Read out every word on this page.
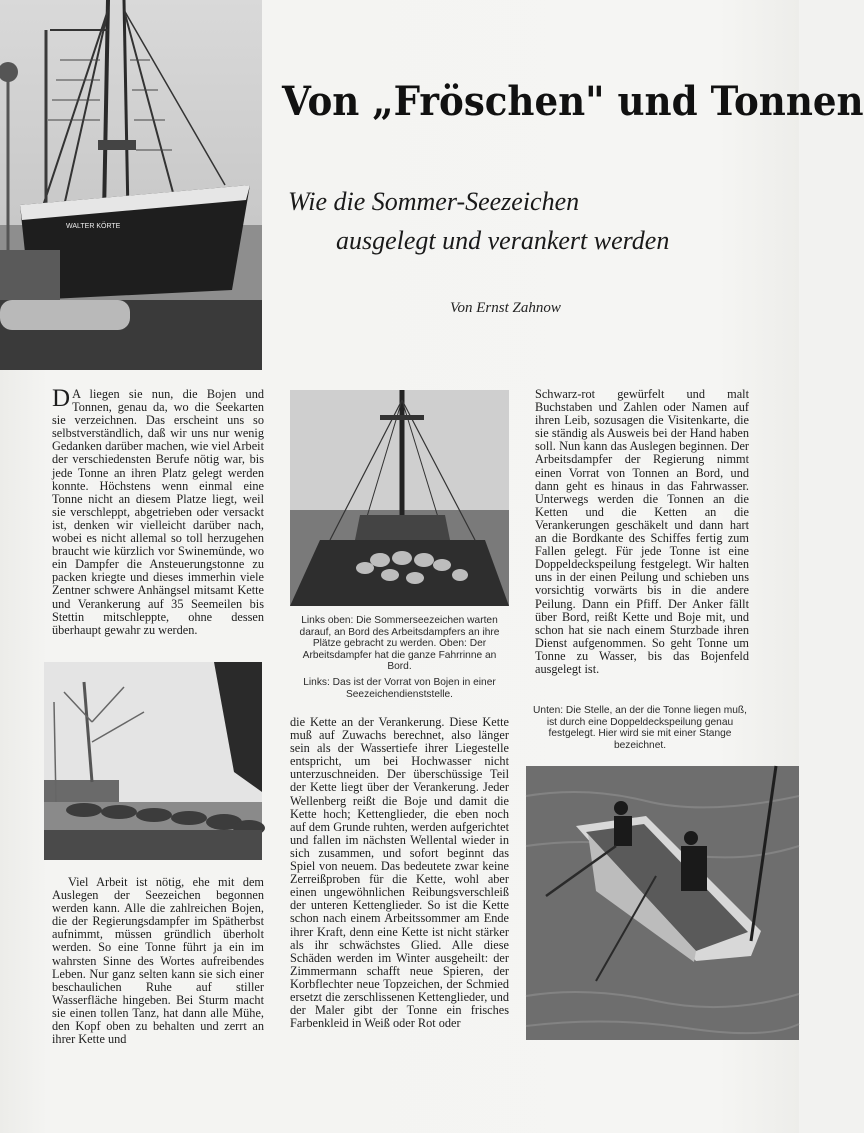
WALTER KÖRTE
Von „Fröschen" und Tonnen
Wie die Sommer-Seezeichen
ausgelegt und verankert werden
Von Ernst Zahnow

D A liegen sie nun, die Bojen und Tonnen, genau da, wo die Seekarten sie verzeichnen. Das erscheint uns so selbstverständlich, daß wir uns nur wenig Gedanken darüber machen, wie viel Arbeit der verschiedensten Berufe nötig war, bis jede Tonne an ihren Platz gelegt werden konnte. Höchstens wenn einmal eine Tonne nicht an diesem Platze liegt, weil sie verschleppt, abgetrieben oder versackt ist, denken wir vielleicht darüber nach, wobei es nicht allemal so toll herzugehen braucht wie kürzlich vor Swinemünde, wo ein Dampfer die Ansteuerungstonne zu packen kriegte und dieses immerhin viele Zentner schwere Anhängsel mitsamt Kette und Verankerung auf 35 Seemeilen bis Stettin mitschleppte, ohne dessen überhaupt gewahr zu werden.

Links oben: Die Sommerseezeichen warten darauf, an Bord des Arbeitsdampfers an ihre Plätze gebracht zu werden. Oben: Der Arbeitsdampfer hat die ganze Fahrrinne an Bord.
Links: Das ist der Vorrat von Bojen in einer Seezeichendienststelle.

die Kette an der Verankerung. Diese Kette muß auf Zuwachs berechnet, also länger sein als der Wassertiefe ihrer Liegestelle entspricht, um bei Hochwasser nicht unterzuschneiden. Der überschüssige Teil der Kette liegt über der Verankerung. Jeder Wellenberg reißt die Boje und damit die Kette hoch; Kettenglieder, die eben noch auf dem Grunde ruhten, werden aufgerichtet und fallen im nächsten Wellental wieder in sich zusammen, und sofort beginnt das Spiel von neuem. Das bedeutete zwar keine Zerreißproben für die Kette, wohl aber einen ungewöhnlichen Reibungsverschleiß der unteren Kettenglieder. So ist die Kette schon nach einem Arbeitssommer am Ende ihrer Kraft, denn eine Kette ist nicht stärker als ihr schwächstes Glied. Alle diese Schäden werden im Winter ausgeheilt: der Zimmermann schafft neue Spieren, der Korbflechter neue Topzeichen, der Schmied ersetzt die zerschlissenen Kettenglieder, und der Maler gibt der Tonne ein frisches Farbenkleid in Weiß oder Rot oder

Viel Arbeit ist nötig, ehe mit dem Auslegen der Seezeichen begonnen werden kann. Alle die zahlreichen Bojen, die der Regierungsdampfer im Spätherbst aufnimmt, müssen gründlich überholt werden. So eine Tonne führt ja ein im wahrsten Sinne des Wortes aufreibendes Leben. Nur ganz selten kann sie sich einer beschaulichen Ruhe auf stiller Wasserfläche hingeben. Bei Sturm macht sie einen tollen Tanz, hat dann alle Mühe, den Kopf oben zu behalten und zerrt an ihrer Kette und

Schwarz-rot gewürfelt und malt Buchstaben und Zahlen oder Namen auf ihren Leib, sozusagen die Visitenkarte, die sie ständig als Ausweis bei der Hand haben soll. Nun kann das Auslegen beginnen. Der Arbeitsdampfer der Regierung nimmt einen Vorrat von Tonnen an Bord, und dann geht es hinaus in das Fahrwasser. Unterwegs werden die Tonnen an die Ketten und die Ketten an die Verankerungen geschäkelt und dann hart an die Bordkante des Schiffes fertig zum Fallen gelegt. Für jede Tonne ist eine Doppeldeckspeilung festgelegt. Wir halten uns in der einen Peilung und schieben uns vorsichtig vorwärts bis in die andere Peilung. Dann ein Pfiff. Der Anker fällt über Bord, reißt Kette und Boje mit, und schon hat sie nach einem Sturzbade ihren Dienst aufgenommen. So geht Tonne um Tonne zu Wasser, bis das Bojenfeld ausgelegt ist.

Unten: Die Stelle, an der die Tonne liegen muß, ist durch eine Doppeldeckspeilung genau festgelegt. Hier wird sie mit einer Stange bezeichnet.
